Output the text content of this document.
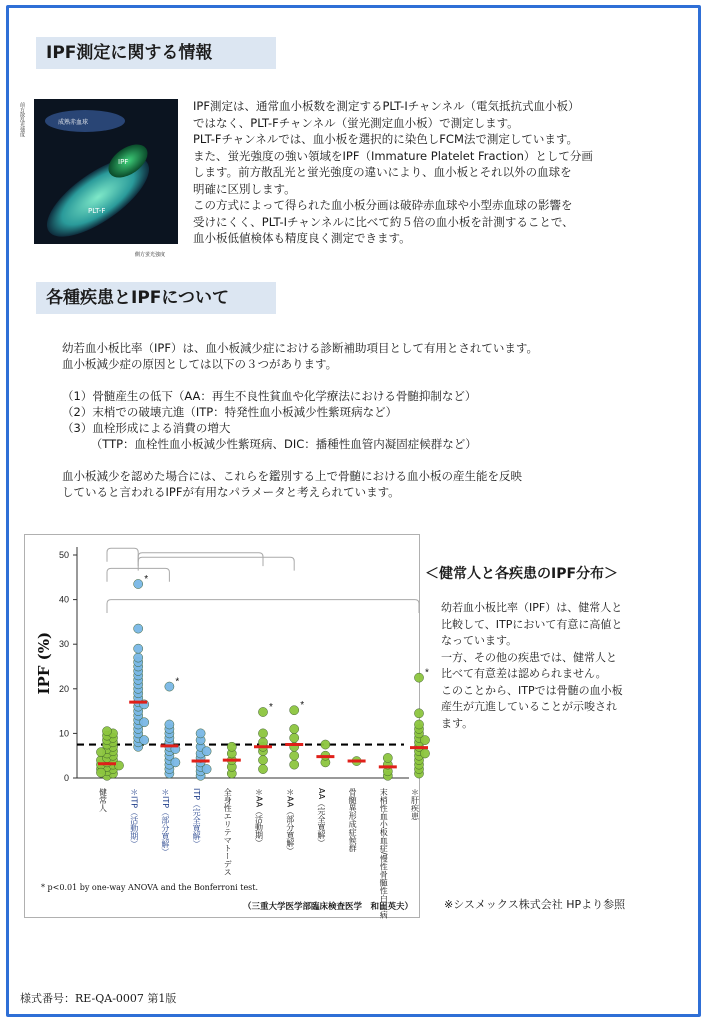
IPF測定に関する情報
成熟赤血球
IPF
PLT-F
側方蛍光強度
前方散乱光強度	IPF測定は、通常血小板数を測定するPLT-Iチャンネル（電気抵抗式血小板）
ではなく、PLT-Fチャンネル（蛍光測定血小板）で測定します。
PLT-Fチャンネルでは、血小板を選択的に染色しFCM法で測定しています。
また、蛍光強度の強い領域をIPF（Immature Platelet Fraction）として分画
します。前方散乱光と蛍光強度の違いにより、血小板とそれ以外の血球を
明確に区別します。
この方式によって得られた血小板分画は破砕赤血球や小型赤血球の影響を
受けにくく、PLT-Iチャンネルに比べて約５倍の血小板を計測することで、
血小板低値検体も精度良く測定できます。
各種疾患とIPFについて
幼若血小板比率（IPF）は、血小板減少症における診断補助項目として有用とされています。
血小板減少症の原因としては以下の３つがあります。
（1）骨髄産生の低下（AA：再生不良性貧血や化学療法における骨髄抑制など）
（2）末梢での破壊亢進（ITP：特発性血小板減少性紫斑病など）
（3）血栓形成による消費の増大
　　　（TTP：血栓性血小板減少性紫斑病、DIC：播種性血管内凝固症候群など）
血小板減少を認めた場合には、これらを鑑別する上で骨髄における血小板の産生能を反映
していると言われるIPFが有用なパラメータと考えられています。
0
10
20
30
40
50
IPF (%)
健常人
*
＊ITP（活動期）
*
＊ITP（部分寛解）	ITP（完全寛解）	全身性エリテマトーデス
*
＊AA（活動期）
*
＊AA（部分寛解）	AA（完全寛解）	骨髄異形成症候群	末梢性血小板血症/慢性骨髄性白血病
*
＊肝疾患
* p<0.01 by one-way ANOVA and the Bonferroni test.
（三重大学医学部臨床検査医学　和田英夫）
＜健常人と各疾患のIPF分布＞
幼若血小板比率（IPF）は、健常人と
比較して、ITPにおいて有意に高値と
なっています。
一方、その他の疾患では、健常人と
比べて有意差は認められません。
このことから、ITPでは骨髄の血小板
産生が亢進していることが示唆され
ます。
※シスメックス株式会社 HPより参照
様式番号：RE-QA-0007 第1版
